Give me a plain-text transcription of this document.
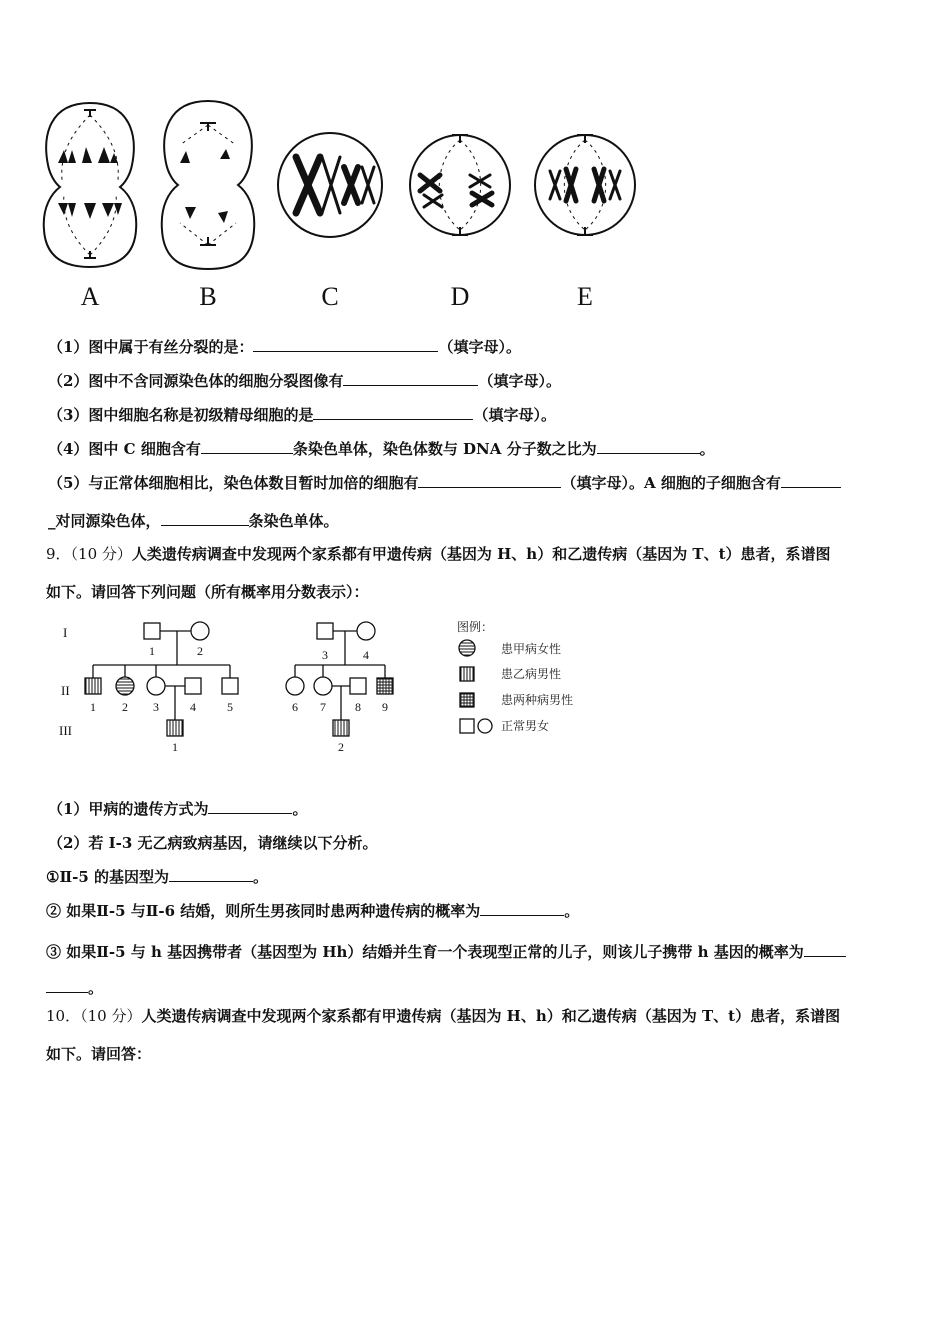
A	B	C	D	E
（1）图中属于有丝分裂的是：	（填字母）。
（2）图中不含同源染色体的细胞分裂图像有	（填字母）。
（3）图中细胞名称是初级精母细胞的是	（填字母）。
（4）图中 C 细胞含有	条染色单体，染色体数与 DNA 分子数之比为	。
（5）与正常体细胞相比，染色体数目暂时加倍的细胞有	（填字母）。A 细胞的子细胞含有
_对同源染色体，	条染色单体。
9．（10 分）人类遗传病调查中发现两个家系都有甲遗传病（基因为 H、h）和乙遗传病（基因为 T、t）患者，系谱图
如下。请回答下列问题（所有概率用分数表示）：
I
II
III
1	2
1 2 3	4	5
1
3	4
6 7 8 9
2
图例：
患甲病女性
患乙病男性
患两种病男性
正常男女
（1）甲病的遗传方式为	。
（2）若 I-3 无乙病致病基因，请继续以下分析。
①Ⅱ-5 的基因型为	。
② 如果Ⅱ-5 与Ⅱ-6 结婚，则所生男孩同时患两种遗传病的概率为	。
③ 如果Ⅱ-5 与 h 基因携带者（基因型为 Hh）结婚并生育一个表现型正常的儿子，则该儿子携带 h 基因的概率为
。
10．（10 分）人类遗传病调查中发现两个家系都有甲遗传病（基因为 H、h）和乙遗传病（基因为 T、t）患者，系谱图
如下。请回答：
